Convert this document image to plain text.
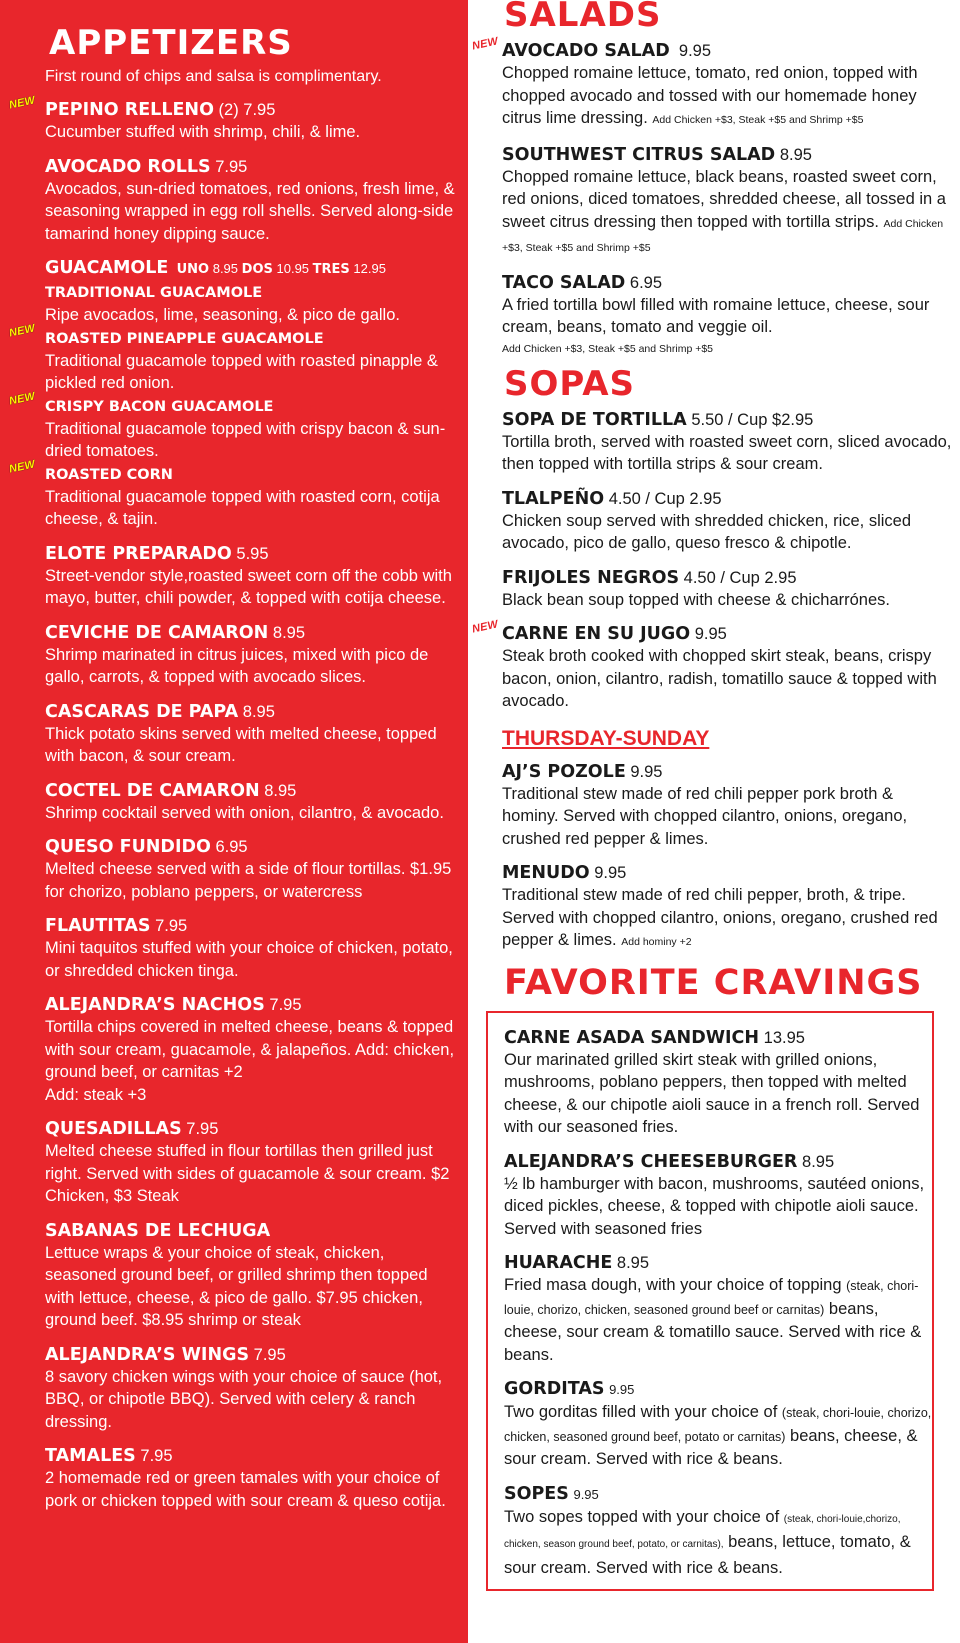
APPETIZERS
First round of chips and salsa is complimentary.
NEW PEPINO RELLENO (2) 7.95
Cucumber stuffed with shrimp, chili, & lime.
AVOCADO ROLLS 7.95
Avocados, sun-dried tomatoes, red onions, fresh lime, & seasoning wrapped in egg roll shells. Served along-side tamarind honey dipping sauce.
GUACAMOLE UNO 8.95 DOS 10.95 TRES 12.95
TRADITIONAL GUACAMOLE
Ripe avocados, lime, seasoning, & pico de gallo.
NEW ROASTED PINEAPPLE GUACAMOLE
Traditional guacamole topped with roasted pinapple & pickled red onion.
NEW CRISPY BACON GUACAMOLE
Traditional guacamole topped with crispy bacon & sun-dried tomatoes.
NEW ROASTED CORN
Traditional guacamole topped with roasted corn, cotija cheese, & tajin.
ELOTE PREPARADO 5.95
Street-vendor style,roasted sweet corn off the cobb with mayo, butter, chili powder, & topped with cotija cheese.
CEVICHE DE CAMARON 8.95
Shrimp marinated in citrus juices, mixed with pico de gallo, carrots, & topped with avocado slices.
CASCARAS DE PAPA 8.95
Thick potato skins served with melted cheese, topped with bacon, & sour cream.
COCTEL DE CAMARON 8.95
Shrimp cocktail served with onion, cilantro, & avocado.
QUESO FUNDIDO 6.95
Melted cheese served with a side of flour tortillas. $1.95 for chorizo, poblano peppers, or watercress
FLAUTITAS 7.95
Mini taquitos stuffed with your choice of chicken, potato, or shredded chicken tinga.
ALEJANDRA’S NACHOS 7.95
Tortilla chips covered in melted cheese, beans & topped with sour cream, guacamole, & jalapeños. Add: chicken, ground beef, or carnitas +2
Add: steak +3
QUESADILLAS 7.95
Melted cheese stuffed in flour tortillas then grilled just right. Served with sides of guacamole & sour cream. $2 Chicken, $3 Steak
SABANAS DE LECHUGA
Lettuce wraps & your choice of steak, chicken, seasoned ground beef, or grilled shrimp then topped with lettuce, cheese, & pico de gallo. $7.95 chicken, ground beef. $8.95 shrimp or steak
ALEJANDRA’S WINGS 7.95
8 savory chicken wings with your choice of sauce (hot, BBQ, or chipotle BBQ). Served with celery & ranch dressing.
TAMALES 7.95
2 homemade red or green tamales with your choice of pork or chicken topped with sour cream & queso cotija.
SALADS
NEW AVOCADO SALAD 9.95
Chopped romaine lettuce, tomato, red onion, topped with chopped avocado and tossed with our homemade honey citrus lime dressing. Add Chicken +$3, Steak +$5 and Shrimp +$5
SOUTHWEST CITRUS SALAD 8.95
Chopped romaine lettuce, black beans, roasted sweet corn, red onions, diced tomatoes, shredded cheese, all tossed in a sweet citrus dressing then topped with tortilla strips. Add Chicken +$3, Steak +$5 and Shrimp +$5
TACO SALAD 6.95
A fried tortilla bowl filled with romaine lettuce, cheese, sour cream, beans, tomato and veggie oil.
Add Chicken +$3, Steak +$5 and Shrimp +$5
SOPAS
SOPA DE TORTILLA 5.50 / Cup $2.95
Tortilla broth, served with roasted sweet corn, sliced avocado, then topped with tortilla strips & sour cream.
TLALPEÑO 4.50 / Cup 2.95
Chicken soup served with shredded chicken, rice, sliced avocado, pico de gallo, queso fresco & chipotle.
FRIJOLES NEGROS 4.50 / Cup 2.95
Black bean soup topped with cheese & chicharrónes.
NEW CARNE EN SU JUGO 9.95
Steak broth cooked with chopped skirt steak, beans, crispy bacon, onion, cilantro, radish, tomatillo sauce & topped with avocado.
THURSDAY-SUNDAY
AJ’S POZOLE 9.95
Traditional stew made of red chili pepper pork broth & hominy. Served with chopped cilantro, onions, oregano, crushed red pepper & limes.
MENUDO 9.95
Traditional stew made of red chili pepper, broth, & tripe. Served with chopped cilantro, onions, oregano, crushed red pepper & limes. Add hominy +2
FAVORITE CRAVINGS
CARNE ASADA SANDWICH 13.95
Our marinated grilled skirt steak with grilled onions, mushrooms, poblano peppers, then topped with melted cheese, & our chipotle aioli sauce in a french roll. Served with our seasoned fries.
ALEJANDRA’S CHEESEBURGER 8.95
½ lb hamburger with bacon, mushrooms, sautéed onions, diced pickles, cheese, & topped with chipotle aioli sauce. Served with seasoned fries
HUARACHE 8.95
Fried masa dough, with your choice of topping (steak, chori-louie, chorizo, chicken, seasoned ground beef or carnitas) beans, cheese, sour cream & tomatillo sauce. Served with rice & beans.
GORDITAS 9.95
Two gorditas filled with your choice of (steak, chori-louie, chorizo, chicken, seasoned ground beef, potato or carnitas) beans, cheese, & sour cream. Served with rice & beans.
SOPES 9.95
Two sopes topped with your choice of (steak, chori-louie,chorizo, chicken, season ground beef, potato, or carnitas), beans, lettuce, tomato, & sour cream. Served with rice & beans.
